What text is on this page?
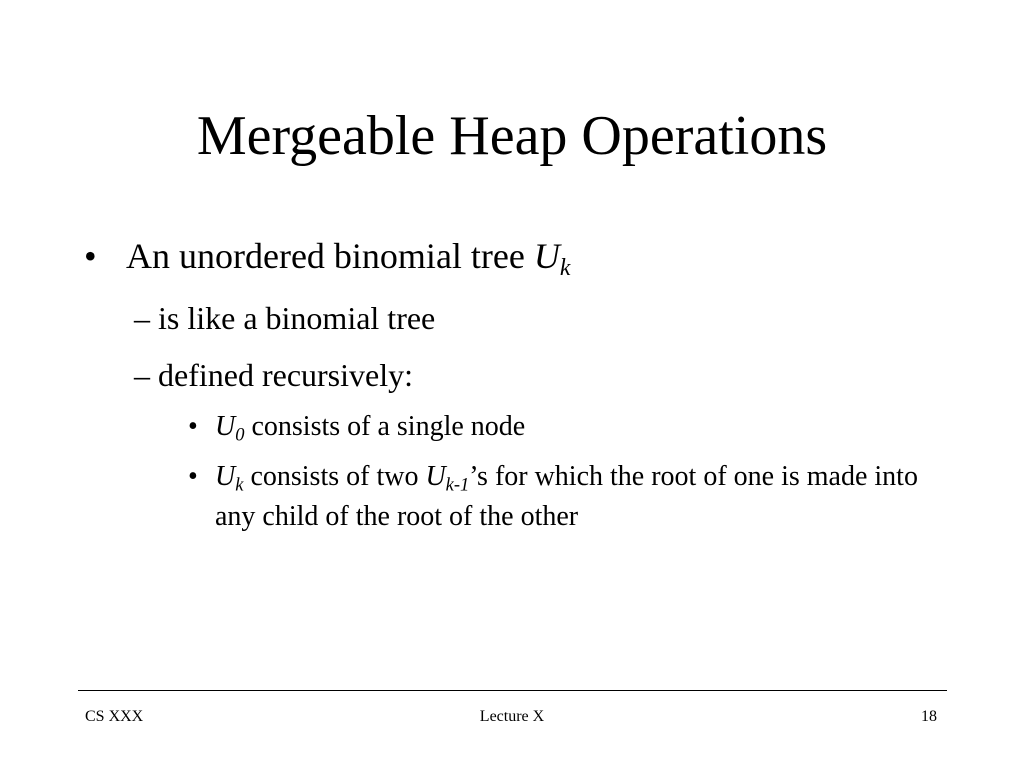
Mergeable Heap Operations
• An unordered binomial tree $U_k$
– is like a binomial tree
– defined recursively:
• $U_0$ consists of a single node
• $U_k$ consists of two $U_{k-1}’s$ for which the root of one is made into any child of the root of the other
CS XXX	Lecture X	18
